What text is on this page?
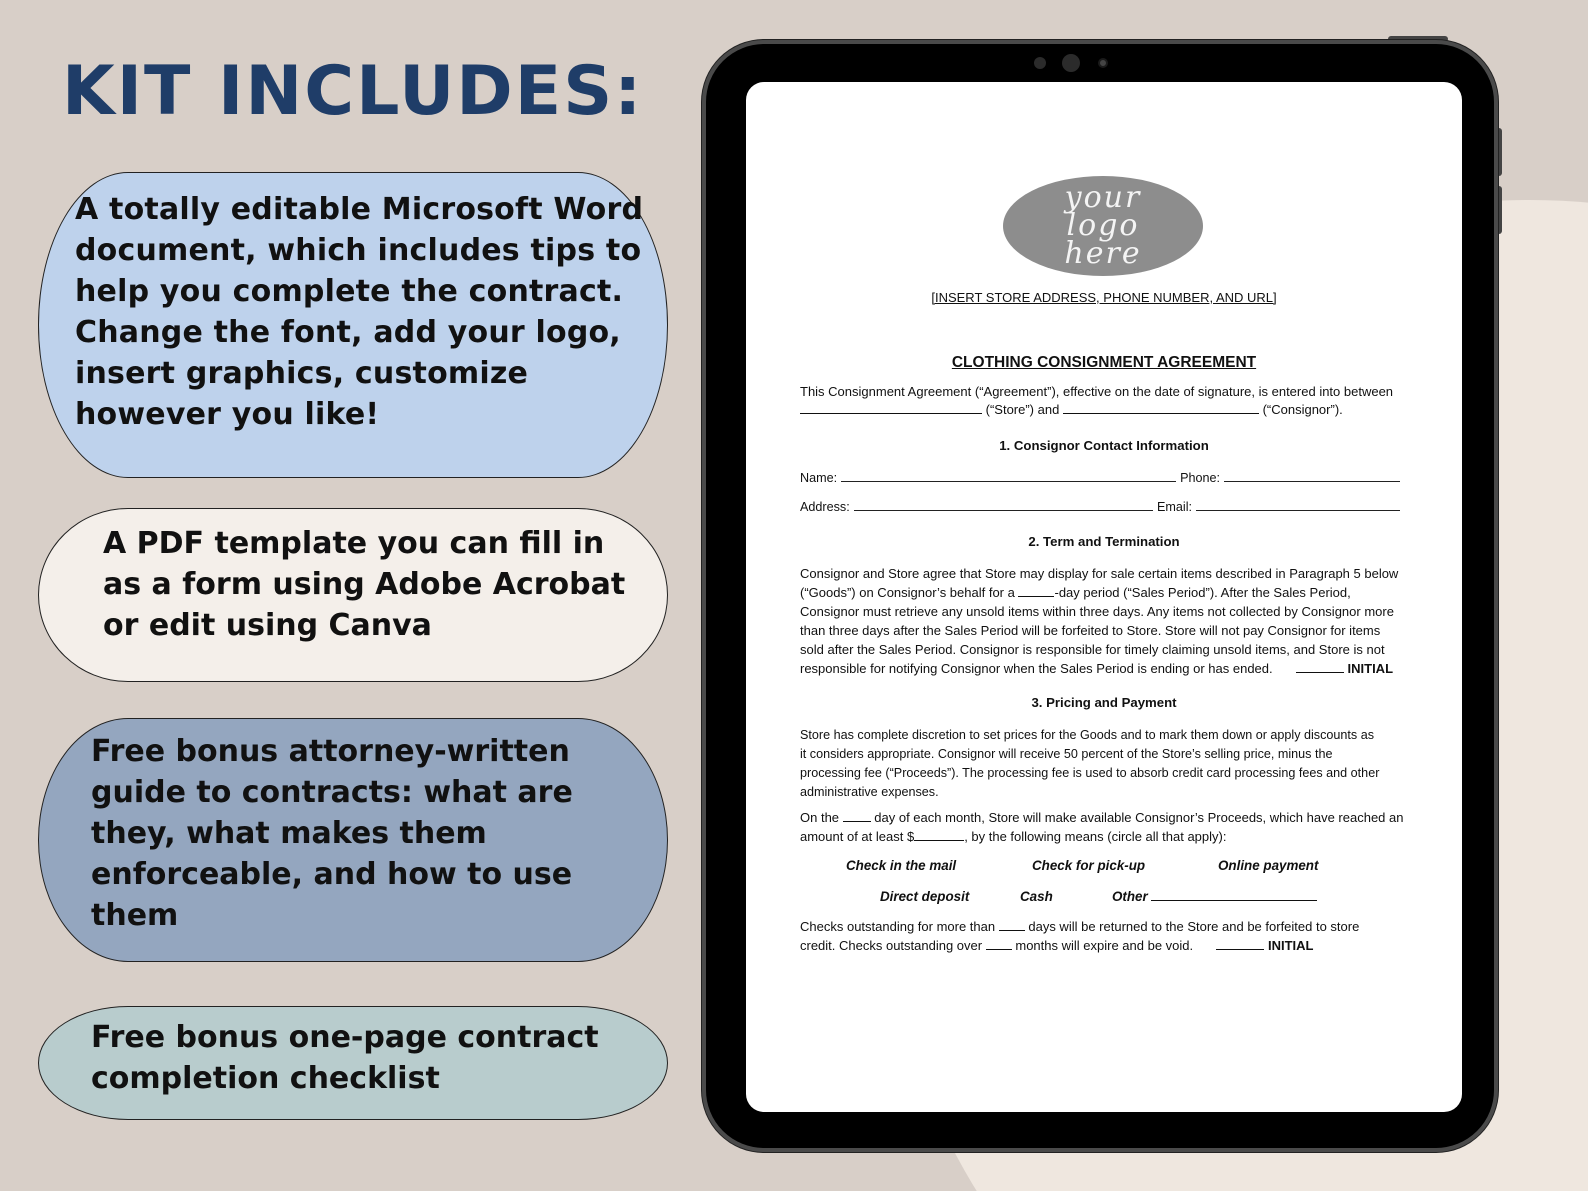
KIT INCLUDES:
A totally editable Microsoft Word document, which includes tips to help you complete the contract. Change the font, add your logo, insert graphics, customize however you like!
A PDF template you can fill in as a form using Adobe Acrobat or edit using Canva
Free bonus attorney-written guide to contracts: what are they, what makes them enforceable, and how to use them
Free bonus one-page contract completion checklist
your
logo
here
[INSERT STORE ADDRESS, PHONE NUMBER, AND URL]
CLOTHING CONSIGNMENT AGREEMENT
This Consignment Agreement (“Agreement”), effective on the date of signature, is entered into between
(“Store”) and	(“Consignor”).
1. Consignor Contact Information
Name:	Phone:
Address:	Email:
2. Term and Termination
Consignor and Store agree that Store may display for sale certain items described in Paragraph 5 below
(“Goods”) on Consignor’s behalf for a	-day period (“Sales Period”). After the Sales Period,
Consignor must retrieve any unsold items within three days. Any items not collected by Consignor more
than three days after the Sales Period will be forfeited to Store. Store will not pay Consignor for items
sold after the Sales Period. Consignor is responsible for timely claiming unsold items, and Store is not
responsible for notifying Consignor when the Sales Period is ending or has ended.	INITIAL
3. Pricing and Payment
Store has complete discretion to set prices for the Goods and to mark them down or apply discounts as
it considers appropriate. Consignor will receive 50 percent of the Store’s selling price, minus the
processing fee (“Proceeds”). The processing fee is used to absorb credit card processing fees and other
administrative expenses.
On the	day of each month, Store will make available Consignor’s Proceeds, which have reached an
amount of at least $	, by the following means (circle all that apply):
Check in the mail	Check for pick-up	Online payment
Direct deposit	Cash	Other
Checks outstanding for more than	days will be returned to the Store and be forfeited to store
credit. Checks outstanding over	months will expire and be void.	INITIAL
